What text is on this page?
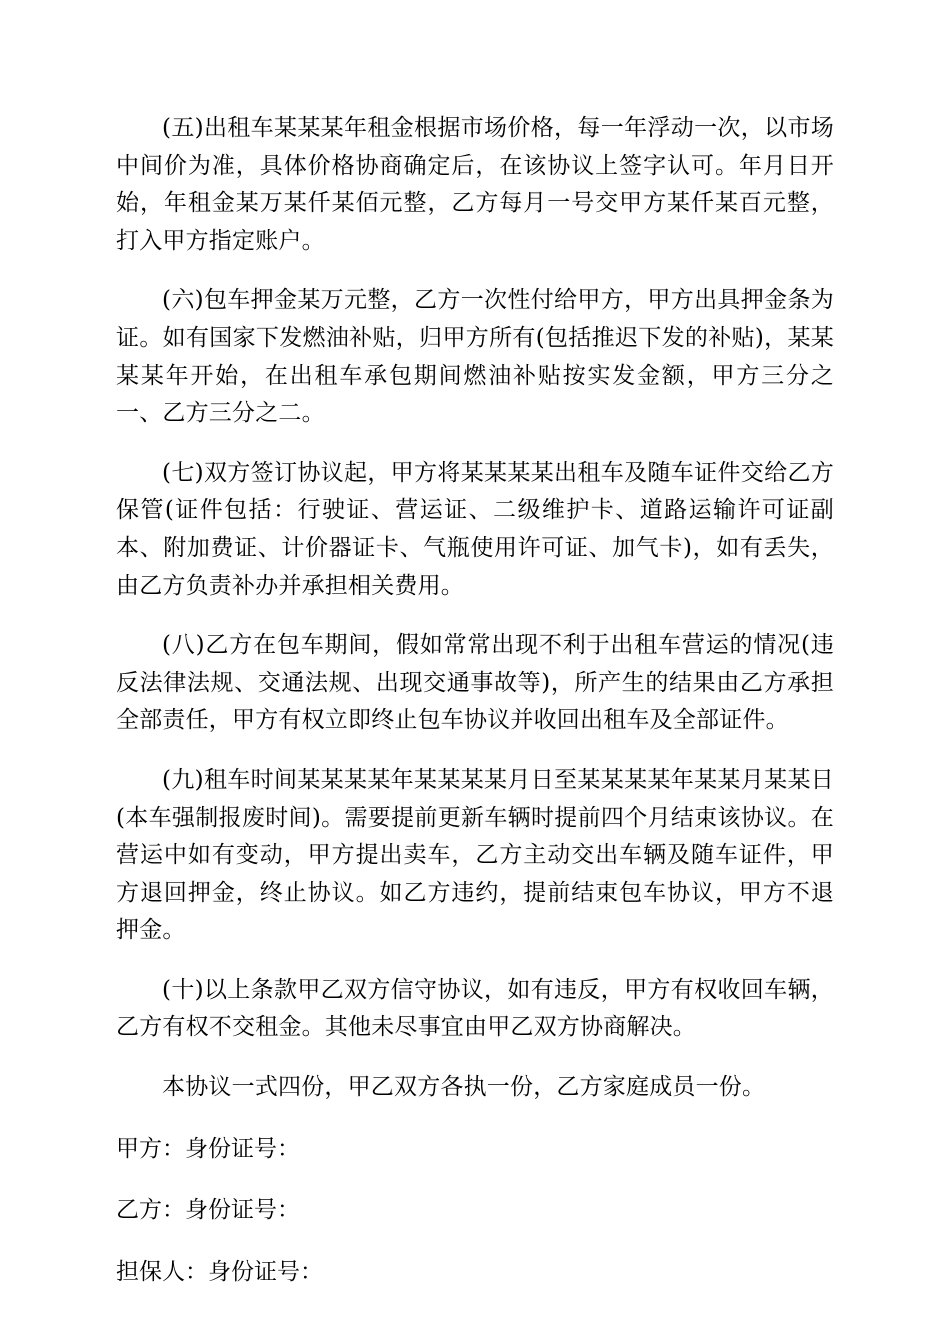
(五)出租车某某某年租金根据市场价格，每一年浮动一次，以市场中间价为准，具体价格协商确定后，在该协议上签字认可。年月日开始，年租金某万某仟某佰元整，乙方每月一号交甲方某仟某百元整，打入甲方指定账户。

(六)包车押金某万元整，乙方一次性付给甲方，甲方出具押金条为证。如有国家下发燃油补贴，归甲方所有(包括推迟下发的补贴)，某某某某年开始，在出租车承包期间燃油补贴按实发金额，甲方三分之一、乙方三分之二。

(七)双方签订协议起，甲方将某某某某出租车及随车证件交给乙方保管(证件包括：行驶证、营运证、二级维护卡、道路运输许可证副本、附加费证、计价器证卡、气瓶使用许可证、加气卡)，如有丢失，由乙方负责补办并承担相关费用。

(八)乙方在包车期间，假如常常出现不利于出租车营运的情况(违反法律法规、交通法规、出现交通事故等)，所产生的结果由乙方承担全部责任，甲方有权立即终止包车协议并收回出租车及全部证件。

(九)租车时间某某某某年某某某某月日至某某某某年某某月某某日(本车强制报废时间)。需要提前更新车辆时提前四个月结束该协议。在营运中如有变动，甲方提出卖车，乙方主动交出车辆及随车证件，甲方退回押金，终止协议。如乙方违约，提前结束包车协议，甲方不退押金。

(十)以上条款甲乙双方信守协议，如有违反，甲方有权收回车辆，乙方有权不交租金。其他未尽事宜由甲乙双方协商解决。

本协议一式四份，甲乙双方各执一份，乙方家庭成员一份。

甲方：身份证号：

乙方：身份证号：

担保人：身份证号：
